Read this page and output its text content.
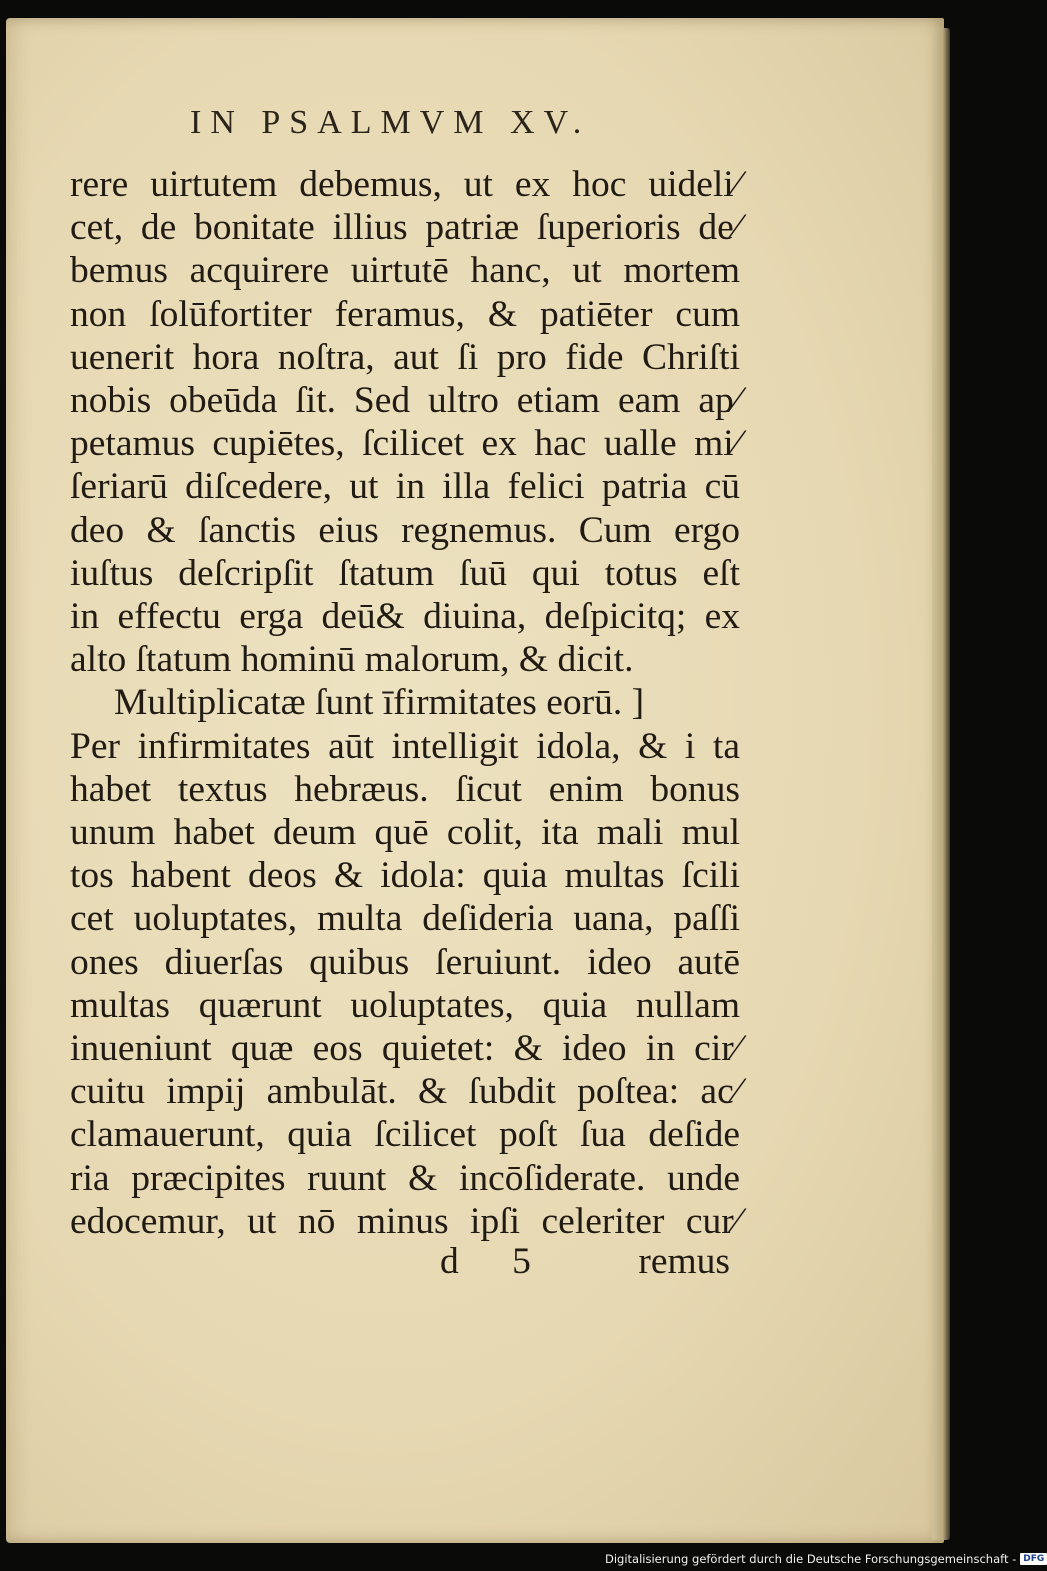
IN PSALMVM XV.
rere uirtutem debemus, ut ex hoc uideli⁄
cet, de bonitate illius patriæ ſuperioris de⁄
bemus acquirere uirtutē hanc, ut mortem
non ſolūfortiter feramus, & patiēter cum
uenerit hora noſtra, aut ſi pro fide Chriſti
nobis obeūda ſit. Sed ultro etiam eam ap⁄
petamus cupiētes, ſcilicet ex hac ualle mi⁄
ſeriarū diſcedere, ut in illa felici patria cū
deo & ſanctis eius regnemus. Cum ergo
iuſtus deſcripſit ſtatum ſuū qui totus eſt
in effectu erga deū& diuina, deſpicitq; ex
alto ſtatum hominū malorum, & dicit.
Multiplicatæ ſunt īfirmitates eorū. ]
Per infirmitates aūt intelligit idola, & i ta
habet textus hebræus. ſicut enim bonus
unum habet deum quē colit, ita mali mul
tos habent deos & idola: quia multas ſcili
cet uoluptates, multa deſideria uana, paſſi
ones diuerſas quibus ſeruiunt. ideo autē
multas quærunt uoluptates, quia nullam
inueniunt quæ eos quietet: & ideo in cir⁄
cuitu impij ambulāt. & ſubdit poſtea: ac⁄
clamauerunt, quia ſcilicet poſt ſua deſide
ria præcipites ruunt & incōſiderate. unde
edocemur, ut nō minus ipſi celeriter cur⁄
d 5 remus
Digitalisierung gefördert durch die Deutsche Forschungsgemeinschaft - DFG
